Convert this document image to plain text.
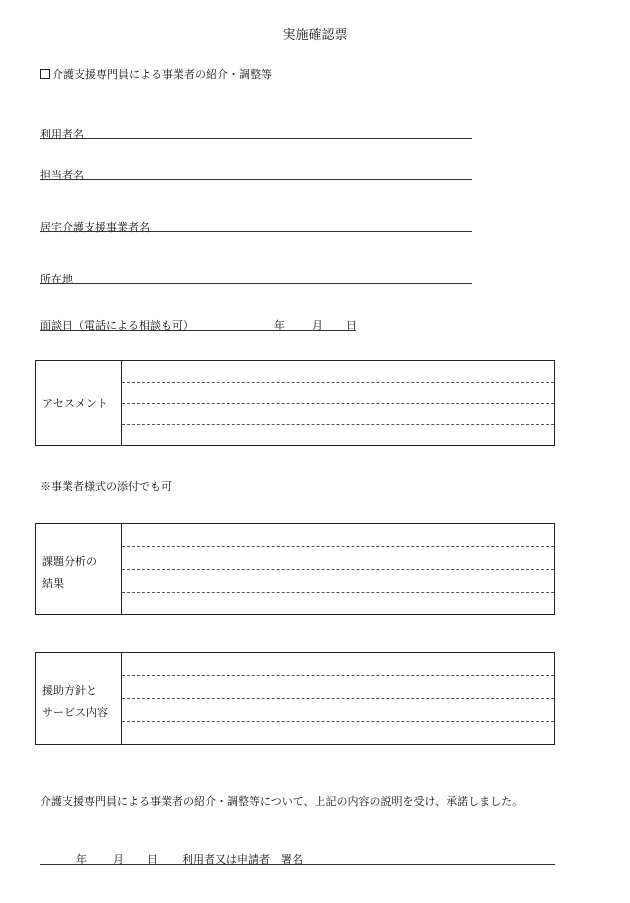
実施確認票
介護支援専門員による事業者の紹介・調整等
利用者名
担当者名
居宅介護支援事業者名
所在地
面談日（電話による相談も可）	年 月 日
アセスメント
※事業者様式の添付でも可
課題分析の
結果
援助方針と
サービス内容
介護支援専門員による事業者の紹介・調整等について、上記の内容の説明を受け、承諾しました。
年 月 日 利用者又は申請者　署名
